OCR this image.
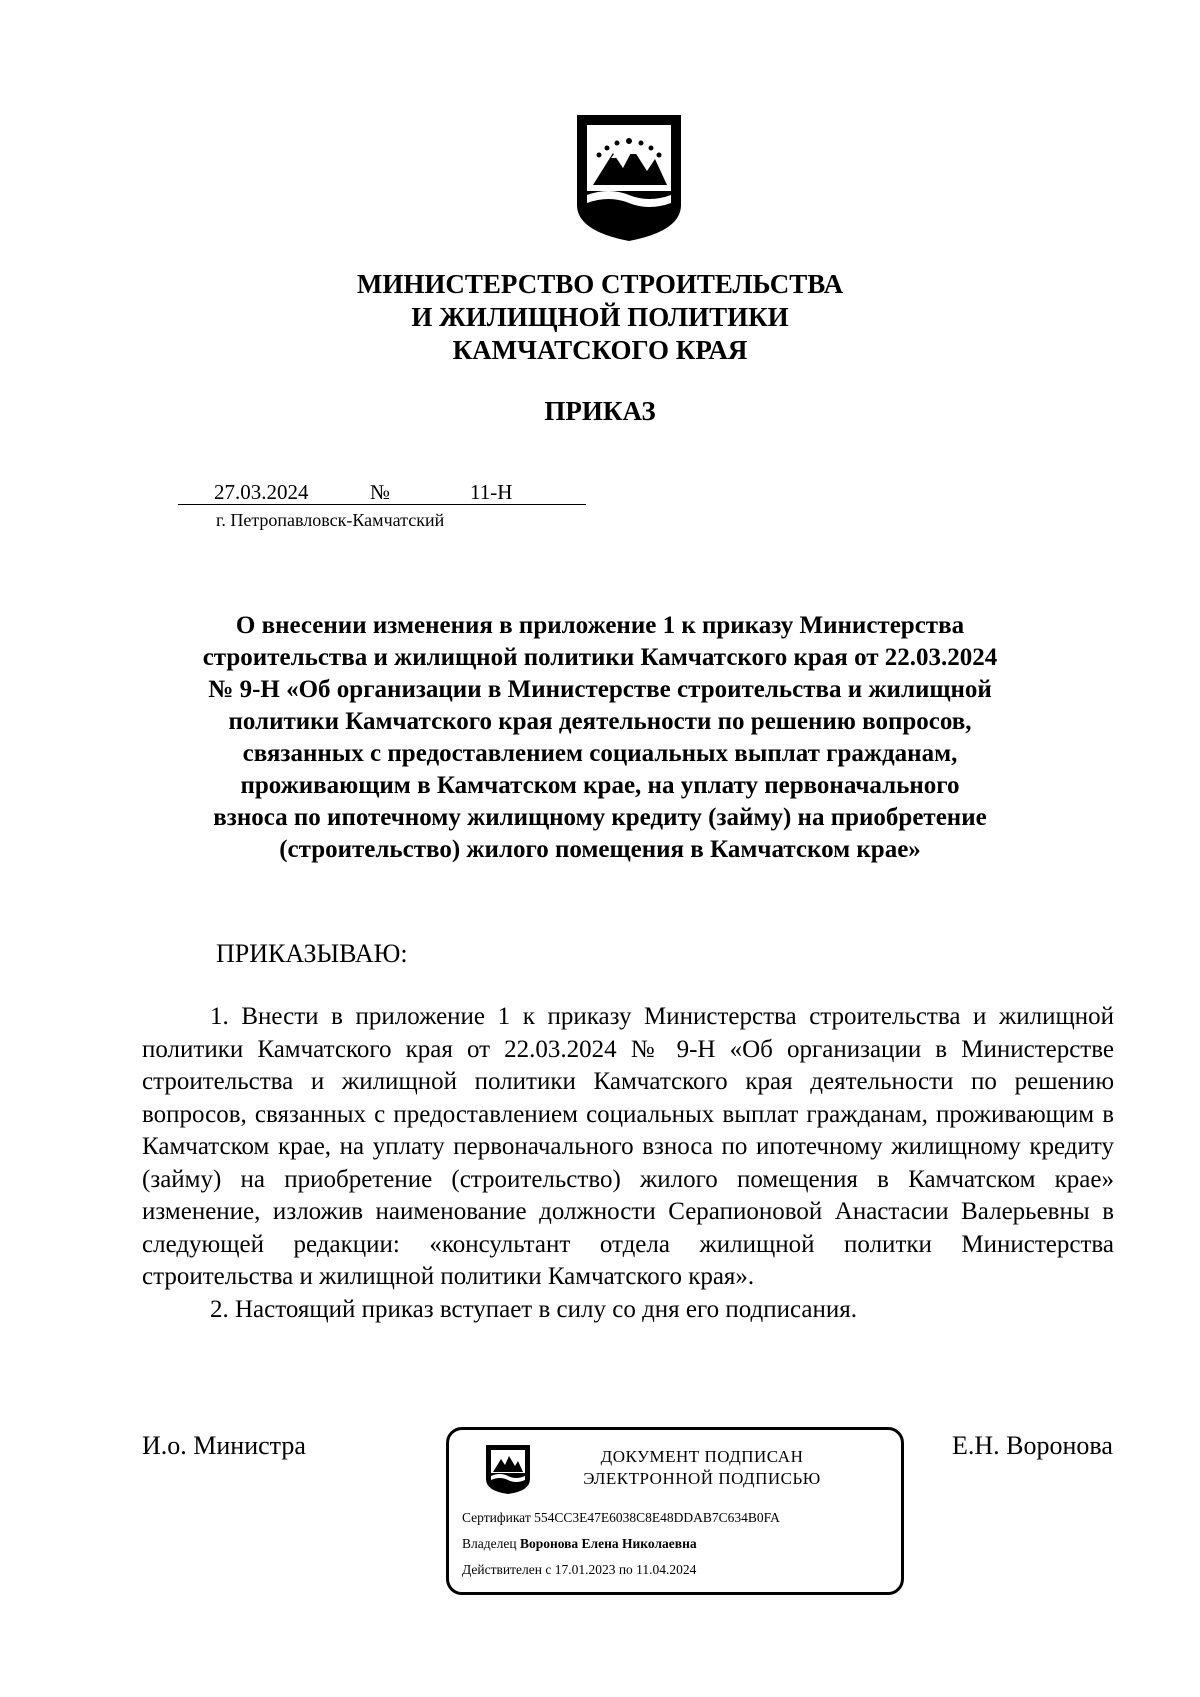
МИНИСТЕРСТВО СТРОИТЕЛЬСТВА
И ЖИЛИЩНОЙ ПОЛИТИКИ
КАМЧАТСКОГО КРАЯ
ПРИКАЗ
27.03.2024	№	11-Н
г. Петропавловск-Камчатский
О внесении изменения в приложение 1 к приказу Министерства
строительства и жилищной политики Камчатского края от 22.03.2024
№ 9-Н «Об организации в Министерстве строительства и жилищной
политики Камчатского края деятельности по решению вопросов,
связанных с предоставлением социальных выплат гражданам,
проживающим в Камчатском крае, на уплату первоначального
взноса по ипотечному жилищному кредиту (займу) на приобретение
(строительство) жилого помещения в Камчатском крае»
ПРИКАЗЫВАЮ:

1. Внести в приложение 1 к приказу Министерства строительства и жилищной политики Камчатского края от 22.03.2024 № 9-Н «Об организации в Министерстве строительства и жилищной политики Камчатского края деятельности по решению вопросов, связанных с предоставлением социальных выплат гражданам, проживающим в Камчатском крае, на уплату первоначального взноса по ипотечному жилищному кредиту (займу) на приобретение (строительство) жилого помещения в Камчатском крае» изменение, изложив наименование должности Серапионовой Анастасии Валерьевны в следующей редакции: «консультант отдела жилищной политки Министерства строительства и жилищной политики Камчатского края».

2. Настоящий приказ вступает в силу со дня его подписания.

И.о. Министра	Е.Н. Воронова
ДОКУМЕНТ ПОДПИСАН
ЭЛЕКТРОННОЙ ПОДПИСЬЮ
Сертификат 554CC3E47E6038C8E48DDAB7C634B0FA
Владелец Воронова Елена Николаевна
Действителен с 17.01.2023 по 11.04.2024
